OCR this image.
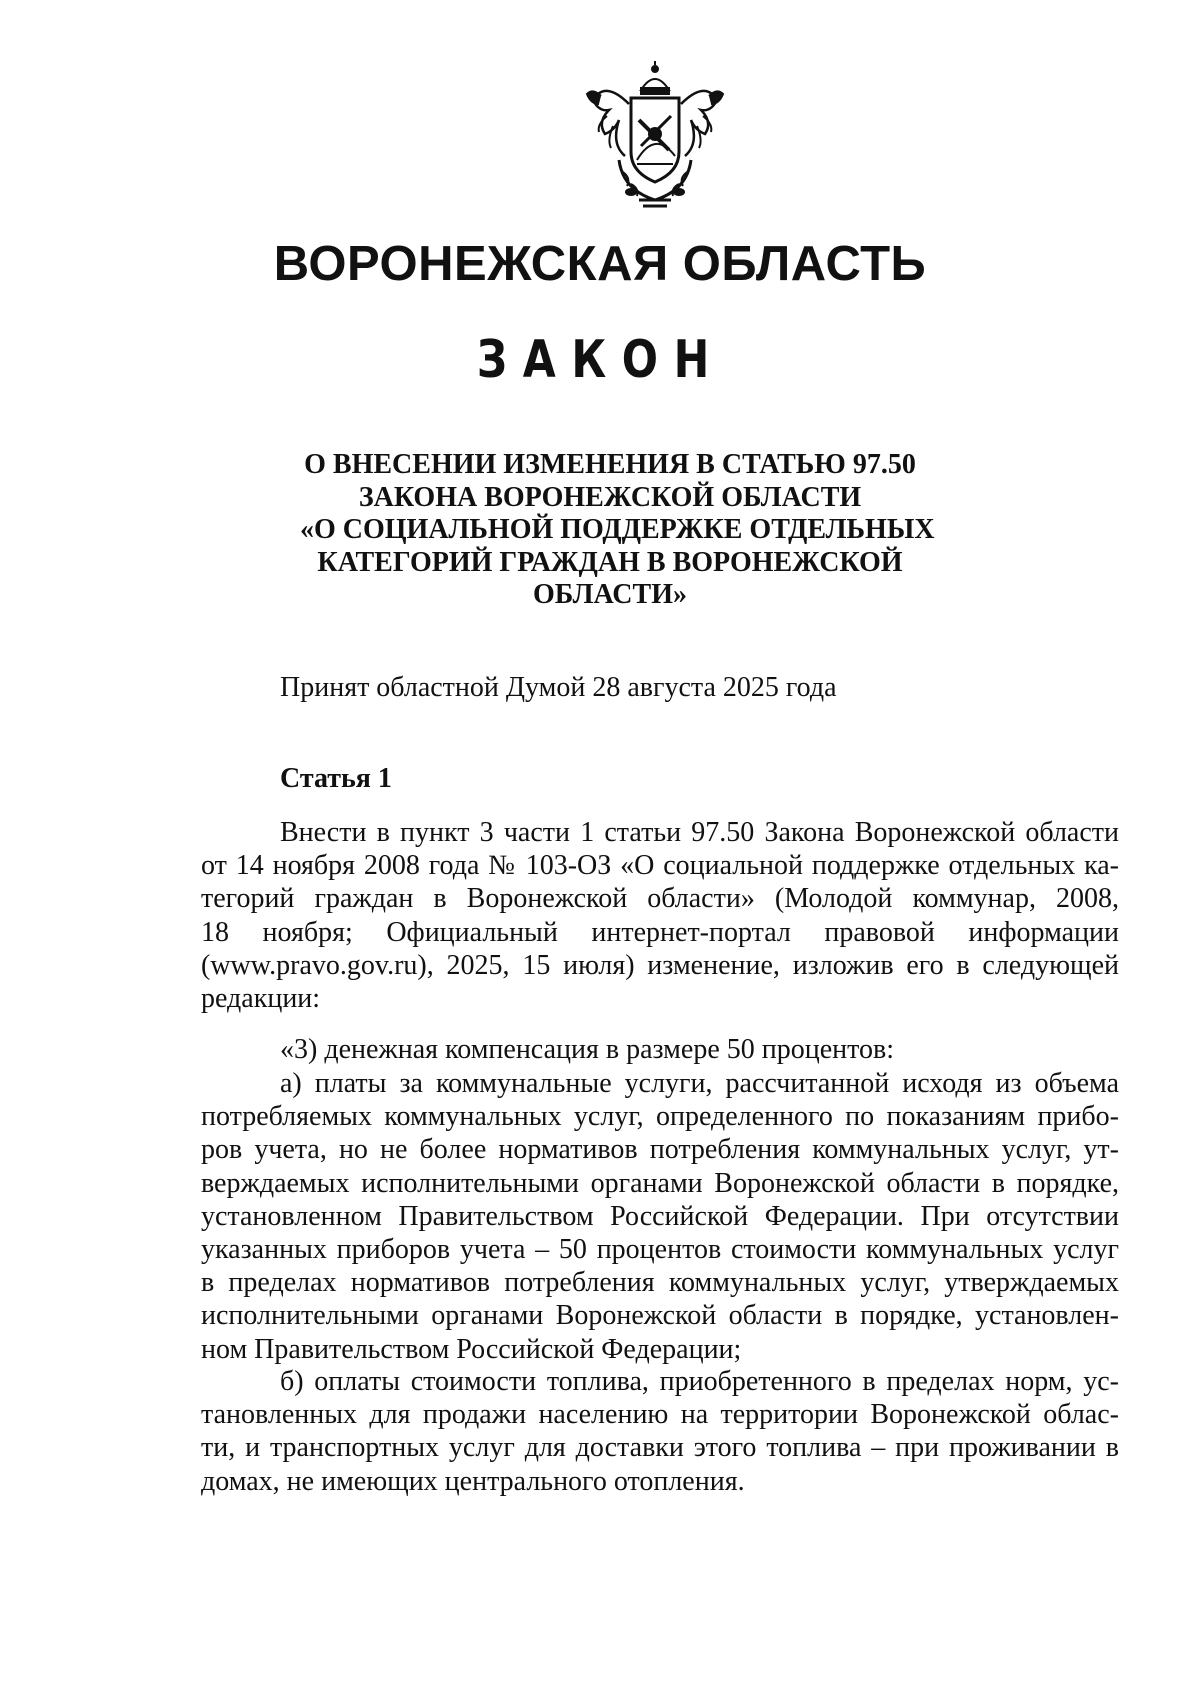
ВОРОНЕЖСКАЯ ОБЛАСТЬ
ЗАКОН
О ВНЕСЕНИИ ИЗМЕНЕНИЯ В СТАТЬЮ 97.50
ЗАКОНА ВОРОНЕЖСКОЙ ОБЛАСТИ
«О СОЦИАЛЬНОЙ ПОДДЕРЖКЕ ОТДЕЛЬНЫХ
КАТЕГОРИЙ ГРАЖДАН В ВОРОНЕЖСКОЙ
ОБЛАСТИ»
Принят областной Думой 28 августа 2025 года
Статья 1
Внести в пункт 3 части 1 статьи 97.50 Закона Воронежской области
от 14 ноября 2008 года № 103-ОЗ «О социальной поддержке отдельных ка-
тегорий граждан в Воронежской области» (Молодой коммунар, 2008,
18 ноября; Официальный интернет-портал правовой информации
(www.pravo.gov.ru), 2025, 15 июля) изменение, изложив его в следующей
редакции:
«3) денежная компенсация в размере 50 процентов:
а) платы за коммунальные услуги, рассчитанной исходя из объема
потребляемых коммунальных услуг, определенного по показаниям прибо-
ров учета, но не более нормативов потребления коммунальных услуг, ут-
верждаемых исполнительными органами Воронежской области в порядке,
установленном Правительством Российской Федерации. При отсутствии
указанных приборов учета – 50 процентов стоимости коммунальных услуг
в пределах нормативов потребления коммунальных услуг, утверждаемых
исполнительными органами Воронежской области в порядке, установлен-
ном Правительством Российской Федерации;
б) оплаты стоимости топлива, приобретенного в пределах норм, ус-
тановленных для продажи населению на территории Воронежской облас-
ти, и транспортных услуг для доставки этого топлива – при проживании в
домах, не имеющих центрального отопления.
